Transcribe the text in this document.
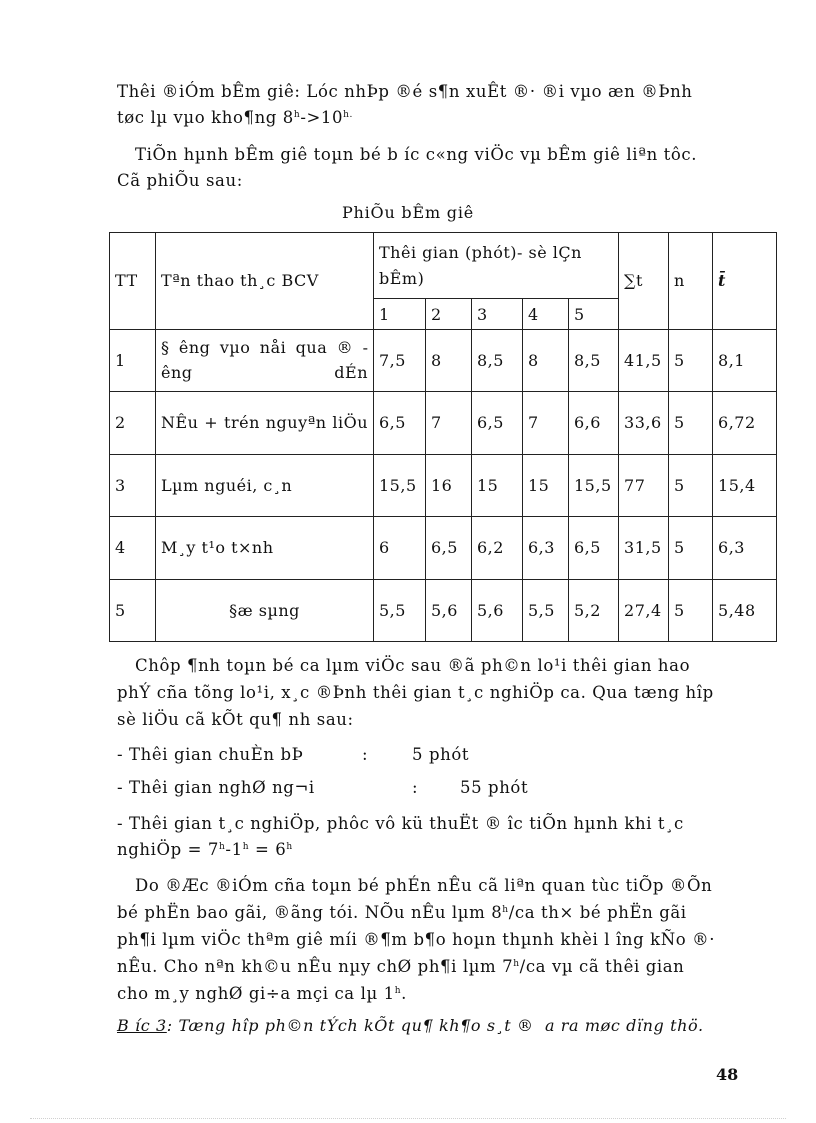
Thêi ®iÓm bÊm giê: Lóc nhÞp ®é s¶n xuÊt ®· ®i vµo æn ®Þnh
tøc lµ vµo kho¶ng $8^h->10^{h.}$
TiÕn hµnh bÊm giê toµn bé b íc c«ng viÖc vµ bÊm giê liªn tôc.
Cã phiÕu sau:
PhiÕu bÊm giê
TT	Tªn thao th¸c BCV	Thêi gian (phót)- sè lÇn bÊm)					∑t	n	t̄
		1	2	3	4	5			
1	§ êng vµo nåi qua ® êng dÉn	7,5	8	8,5	8	8,5	41,5	5	8,1
2	NÊu + trén nguyªn liÖu	6,5	7	6,5	7	6,6	33,6	5	6,72
3	Lµm nguéi, c¸n	15,5	16	15	15	15,5	77	5	15,4
4	M¸y t¹o t×nh	6	6,5	6,2	6,3	6,5	31,5	5	6,3
5	§æ sµng	5,5	5,6	5,6	5,5	5,2	27,4	5	5,48
Chôp ¶nh toµn bé ca lµm viÖc sau ®ã ph©n lo¹i thêi gian hao
phÝ cña tõng lo¹i, x¸c ®Þnh thêi gian t¸c nghiÖp ca. Qua tæng hîp
sè liÖu cã kÕt qu¶ nh sau:
- Thêi gian chuÈn bÞ	:	5 phót
- Thêi gian nghØ ng¬i	:	55 phót
- Thêi gian t¸c nghiÖp, phôc vô kü thuËt ® îc tiÕn hµnh khi t¸c
nghiÖp = $7^h-1^h = 6^h$
Do ®Æc ®iÓm cña toµn bé phÉn nÊu cã liªn quan tùc tiÕp ®Õn
bé phËn bao gãi, ®ãng tói. NÕu nÊu lµm 8$^h$/ca th× bé phËn gãi
ph¶i lµm viÖc thªm giê míi ®¶m b¶o hoµn thµnh khèi l îng kÑo ®·
nÊu. Cho nªn kh©u nÊu nµy chØ ph¶i lµm 7$^h$/ca vµ cã thêi gian
cho m¸y nghØ gi÷a mçi ca lµ 1$^h$.
B íc 3: Tæng hîp ph©n tÝch kÕt qu¶ kh¶o s¸t ® a ra møc dïng thö.
48
